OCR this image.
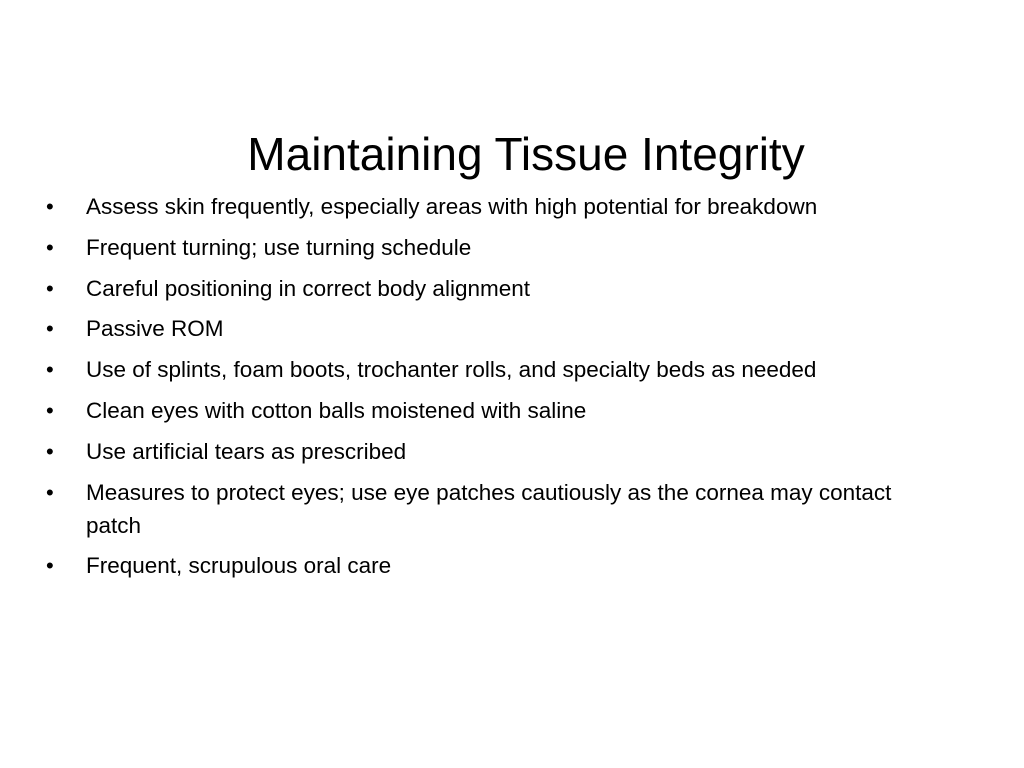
Maintaining Tissue Integrity
• Assess skin frequently, especially areas with high potential for breakdown
• Frequent turning; use turning schedule
• Careful positioning in correct body alignment
• Passive ROM
• Use of splints, foam boots, trochanter rolls, and specialty beds as needed
• Clean eyes with cotton balls moistened with saline
• Use artificial tears as prescribed
• Measures to protect eyes; use eye patches cautiously as the cornea may contact patch
• Frequent, scrupulous oral care
